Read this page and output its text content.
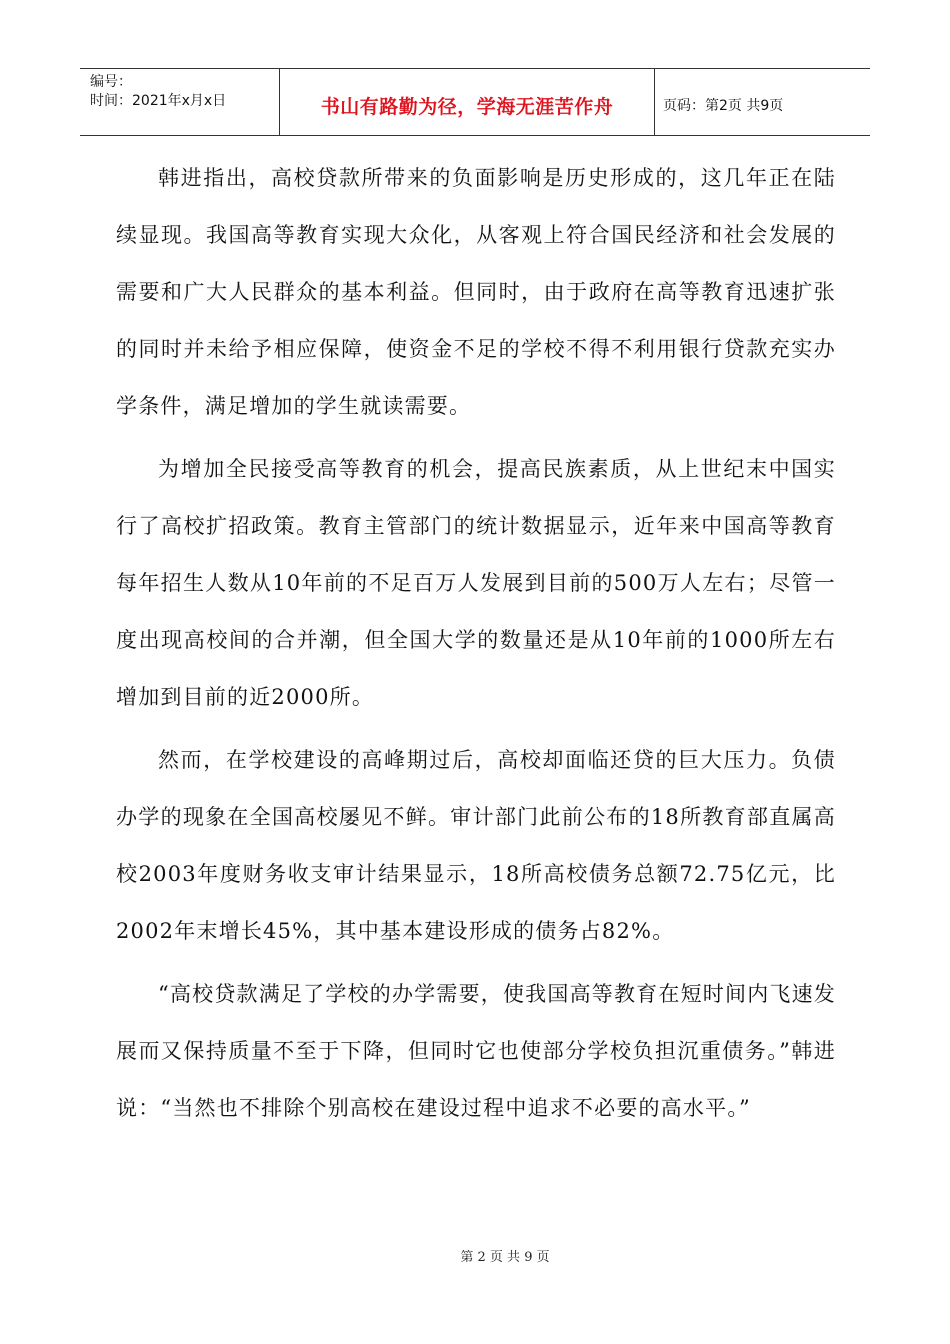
编号：
时间：2021年x月x日	书山有路勤为径，学海无涯苦作舟	页码：第2页 共9页

韩进指出，高校贷款所带来的负面影响是历史形成的，这几年正在陆续显现。我国高等教育实现大众化，从客观上符合国民经济和社会发展的需要和广大人民群众的基本利益。但同时，由于政府在高等教育迅速扩张的同时并未给予相应保障，使资金不足的学校不得不利用银行贷款充实办学条件，满足增加的学生就读需要。

为增加全民接受高等教育的机会，提高民族素质，从上世纪末中国实行了高校扩招政策。教育主管部门的统计数据显示，近年来中国高等教育每年招生人数从10年前的不足百万人发展到目前的500万人左右；尽管一度出现高校间的合并潮，但全国大学的数量还是从10年前的1000所左右增加到目前的近2000所。

然而，在学校建设的高峰期过后，高校却面临还贷的巨大压力。负债办学的现象在全国高校屡见不鲜。审计部门此前公布的18所教育部直属高校2003年度财务收支审计结果显示，18所高校债务总额72.75亿元，比2002年末增长45%，其中基本建设形成的债务占82%。

“高校贷款满足了学校的办学需要，使我国高等教育在短时间内飞速发展而又保持质量不至于下降，但同时它也使部分学校负担沉重债务。”韩进说：“当然也不排除个别高校在建设过程中追求不必要的高水平。”

第 2 页 共 9 页
